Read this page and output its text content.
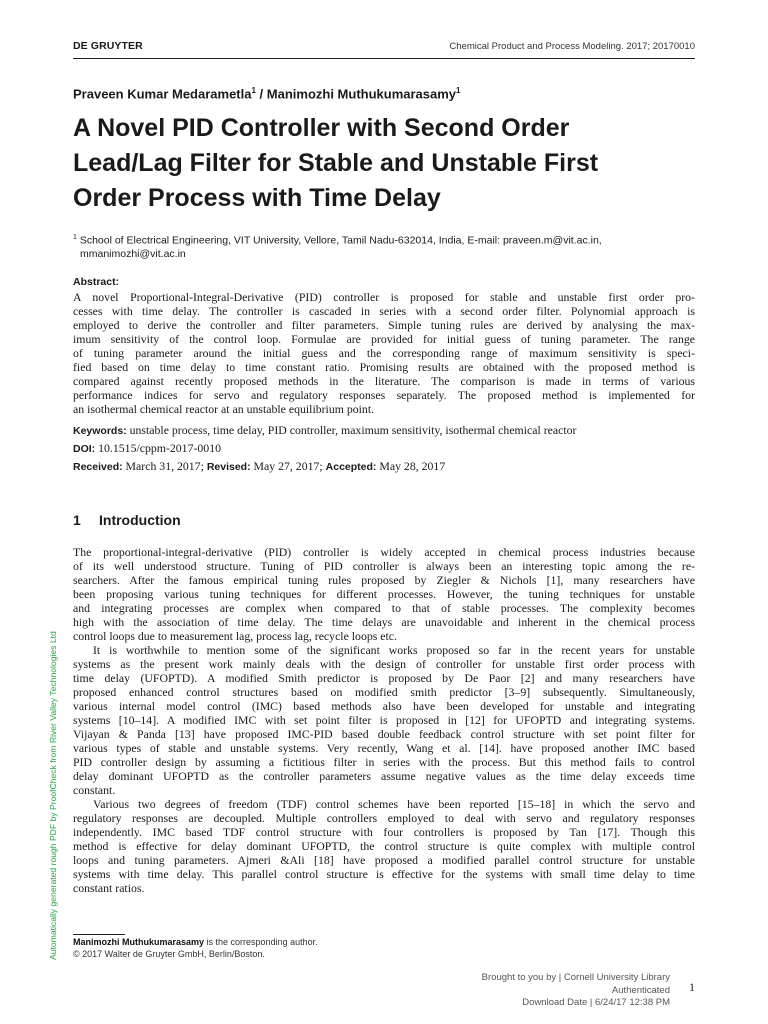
DE GRUYTER	Chemical Product and Process Modeling. 2017; 20170010
Praveen Kumar Medarametla$^1$ / Manimozhi Muthukumarasamy$^1$
A Novel PID Controller with Second Order
Lead/Lag Filter for Stable and Unstable First
Order Process with Time Delay
$^1$ School of Electrical Engineering, VIT University, Vellore, Tamil Nadu-632014, India, E-mail: praveen.m@vit.ac.in,
mmanimozhi@vit.ac.in
Abstract:
A novel Proportional-Integral-Derivative (PID) controller is proposed for stable and unstable first order pro-
cesses with time delay. The controller is cascaded in series with a second order filter. Polynomial approach is
employed to derive the controller and filter parameters. Simple tuning rules are derived by analysing the max-
imum sensitivity of the control loop. Formulae are provided for initial guess of tuning parameter. The range
of tuning parameter around the initial guess and the corresponding range of maximum sensitivity is speci-
fied based on time delay to time constant ratio. Promising results are obtained with the proposed method is
compared against recently proposed methods in the literature. The comparison is made in terms of various
performance indices for servo and regulatory responses separately. The proposed method is implemented for
an isothermal chemical reactor at an unstable equilibrium point.
Keywords: unstable process, time delay, PID controller, maximum sensitivity, isothermal chemical reactor
DOI: 10.1515/cppm-2017-0010
Received: March 31, 2017; Revised: May 27, 2017; Accepted: May 28, 2017
1 Introduction
The proportional-integral-derivative (PID) controller is widely accepted in chemical process industries because
of its well understood structure. Tuning of PID controller is always been an interesting topic among the re-
searchers. After the famous empirical tuning rules proposed by Ziegler & Nichols [1], many researchers have
been proposing various tuning techniques for different processes. However, the tuning techniques for unstable
and integrating processes are complex when compared to that of stable processes. The complexity becomes
high with the association of time delay. The time delays are unavoidable and inherent in the chemical process
control loops due to measurement lag, process lag, recycle loops etc.
It is worthwhile to mention some of the significant works proposed so far in the recent years for unstable
systems as the present work mainly deals with the design of controller for unstable first order process with
time delay (UFOPTD). A modified Smith predictor is proposed by De Paor [2] and many researchers have
proposed enhanced control structures based on modified smith predictor [3–9] subsequently. Simultaneously,
various internal model control (IMC) based methods also have been developed for unstable and integrating
systems [10–14]. A modified IMC with set point filter is proposed in [12] for UFOPTD and integrating systems.
Vijayan & Panda [13] have proposed IMC-PID based double feedback control structure with set point filter for
various types of stable and unstable systems. Very recently, Wang et al. [14]. have proposed another IMC based
PID controller design by assuming a fictitious filter in series with the process. But this method fails to control
delay dominant UFOPTD as the controller parameters assume negative values as the time delay exceeds time
constant.
Various two degrees of freedom (TDF) control schemes have been reported [15–18] in which the servo and
regulatory responses are decoupled. Multiple controllers employed to deal with servo and regulatory responses
independently. IMC based TDF control structure with four controllers is proposed by Tan [17]. Though this
method is effective for delay dominant UFOPTD, the control structure is quite complex with multiple control
loops and tuning parameters. Ajmeri &Ali [18] have proposed a modified parallel control structure for unstable
systems with time delay. This parallel control structure is effective for the systems with small time delay to time
constant ratios.
Automatically generated rough PDF by ProofCheck from River Valley Technologies Ltd Manimozhi Muthukumarasamy is the corresponding author.
© 2017 Walter de Gruyter GmbH, Berlin/Boston.
Brought to you by | Cornell University Library
Authenticated
Download Date | 6/24/17 12:38 PM
1
